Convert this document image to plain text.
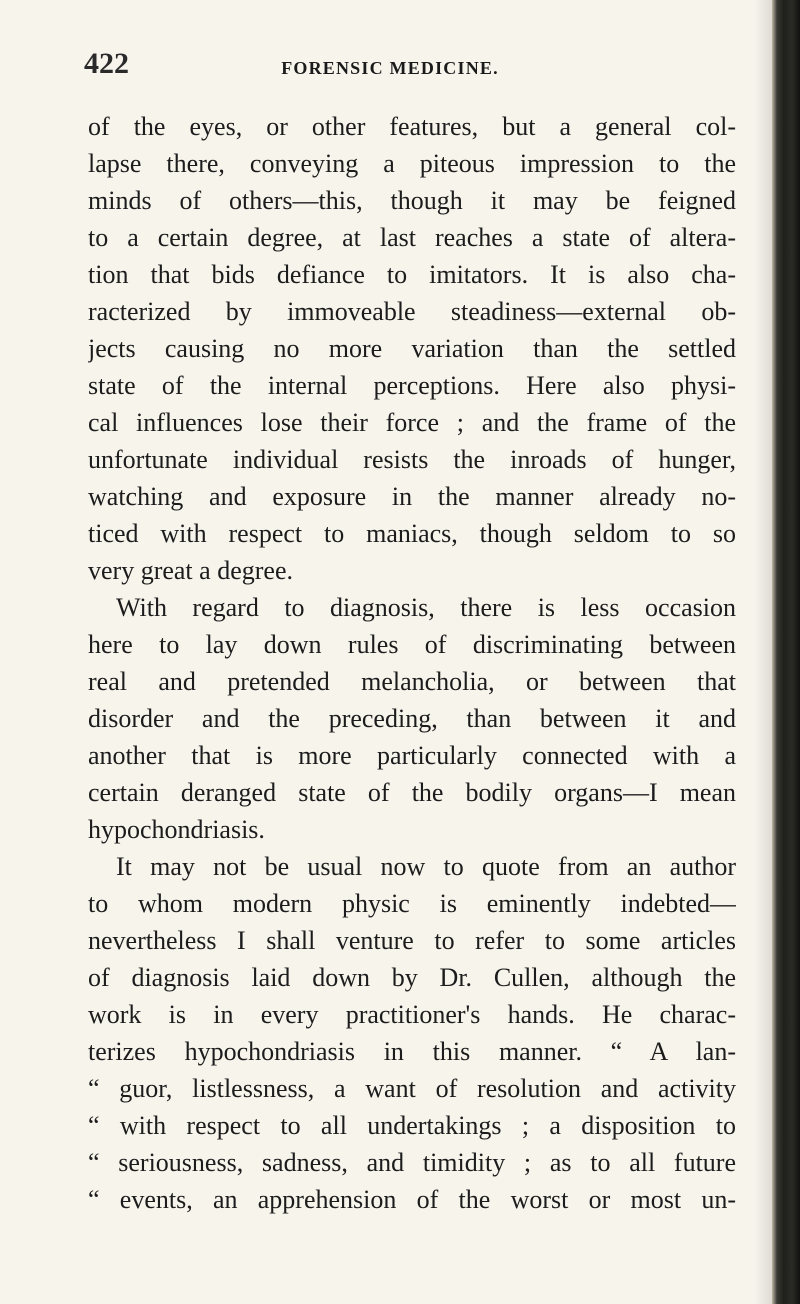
422	FORENSIC MEDICINE.
of the eyes, or other features, but a general col-
lapse there, conveying a piteous impression to the
minds of others—this, though it may be feigned
to a certain degree, at last reaches a state of altera-
tion that bids defiance to imitators. It is also cha-
racterized by immoveable steadiness—external ob-
jects causing no more variation than the settled
state of the internal perceptions. Here also physi-
cal influences lose their force ; and the frame of the
unfortunate individual resists the inroads of hunger,
watching and exposure in the manner already no-
ticed with respect to maniacs, though seldom to so
very great a degree.
With regard to diagnosis, there is less occasion
here to lay down rules of discriminating between
real and pretended melancholia, or between that
disorder and the preceding, than between it and
another that is more particularly connected with a
certain deranged state of the bodily organs—I mean
hypochondriasis.
It may not be usual now to quote from an author
to whom modern physic is eminently indebted—
nevertheless I shall venture to refer to some articles
of diagnosis laid down by Dr. Cullen, although the
work is in every practitioner's hands. He charac-
terizes hypochondriasis in this manner. “ A lan-
“ guor, listlessness, a want of resolution and activity
“ with respect to all undertakings ; a disposition to
“ seriousness, sadness, and timidity ; as to all future
“ events, an apprehension of the worst or most un-
